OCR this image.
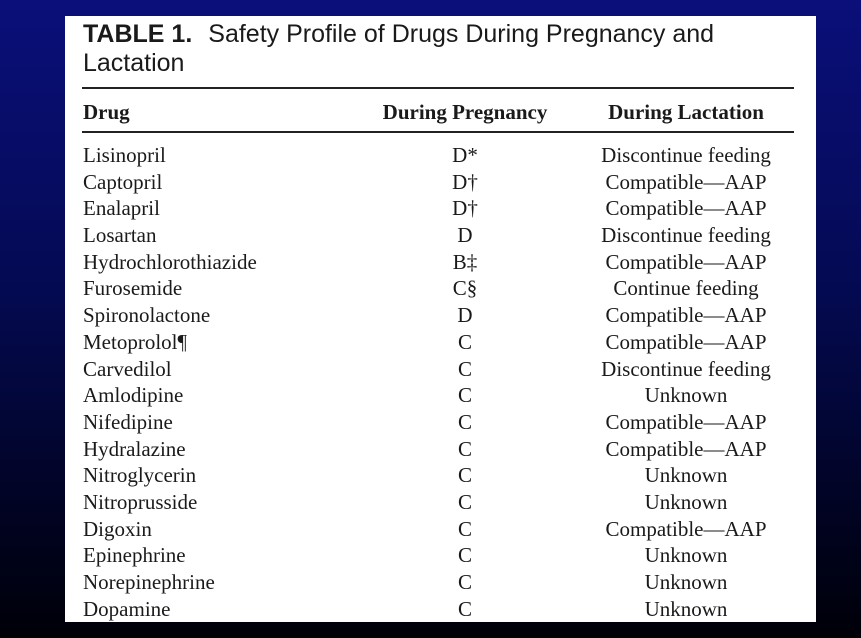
TABLE 1. Safety Profile of Drugs During Pregnancy and Lactation
Drug	During Pregnancy	During Lactation
Lisinopril	D*	Discontinue feeding
Captopril	D†	Compatible—AAP
Enalapril	D†	Compatible—AAP
Losartan	D	Discontinue feeding
Hydrochlorothiazide	B‡	Compatible—AAP
Furosemide	C§	Continue feeding
Spironolactone	D	Compatible—AAP
Metoprolol¶	C	Compatible—AAP
Carvedilol	C	Discontinue feeding
Amlodipine	C	Unknown
Nifedipine	C	Compatible—AAP
Hydralazine	C	Compatible—AAP
Nitroglycerin	C	Unknown
Nitroprusside	C	Unknown
Digoxin	C	Compatible—AAP
Epinephrine	C	Unknown
Norepinephrine	C	Unknown
Dopamine	C	Unknown
